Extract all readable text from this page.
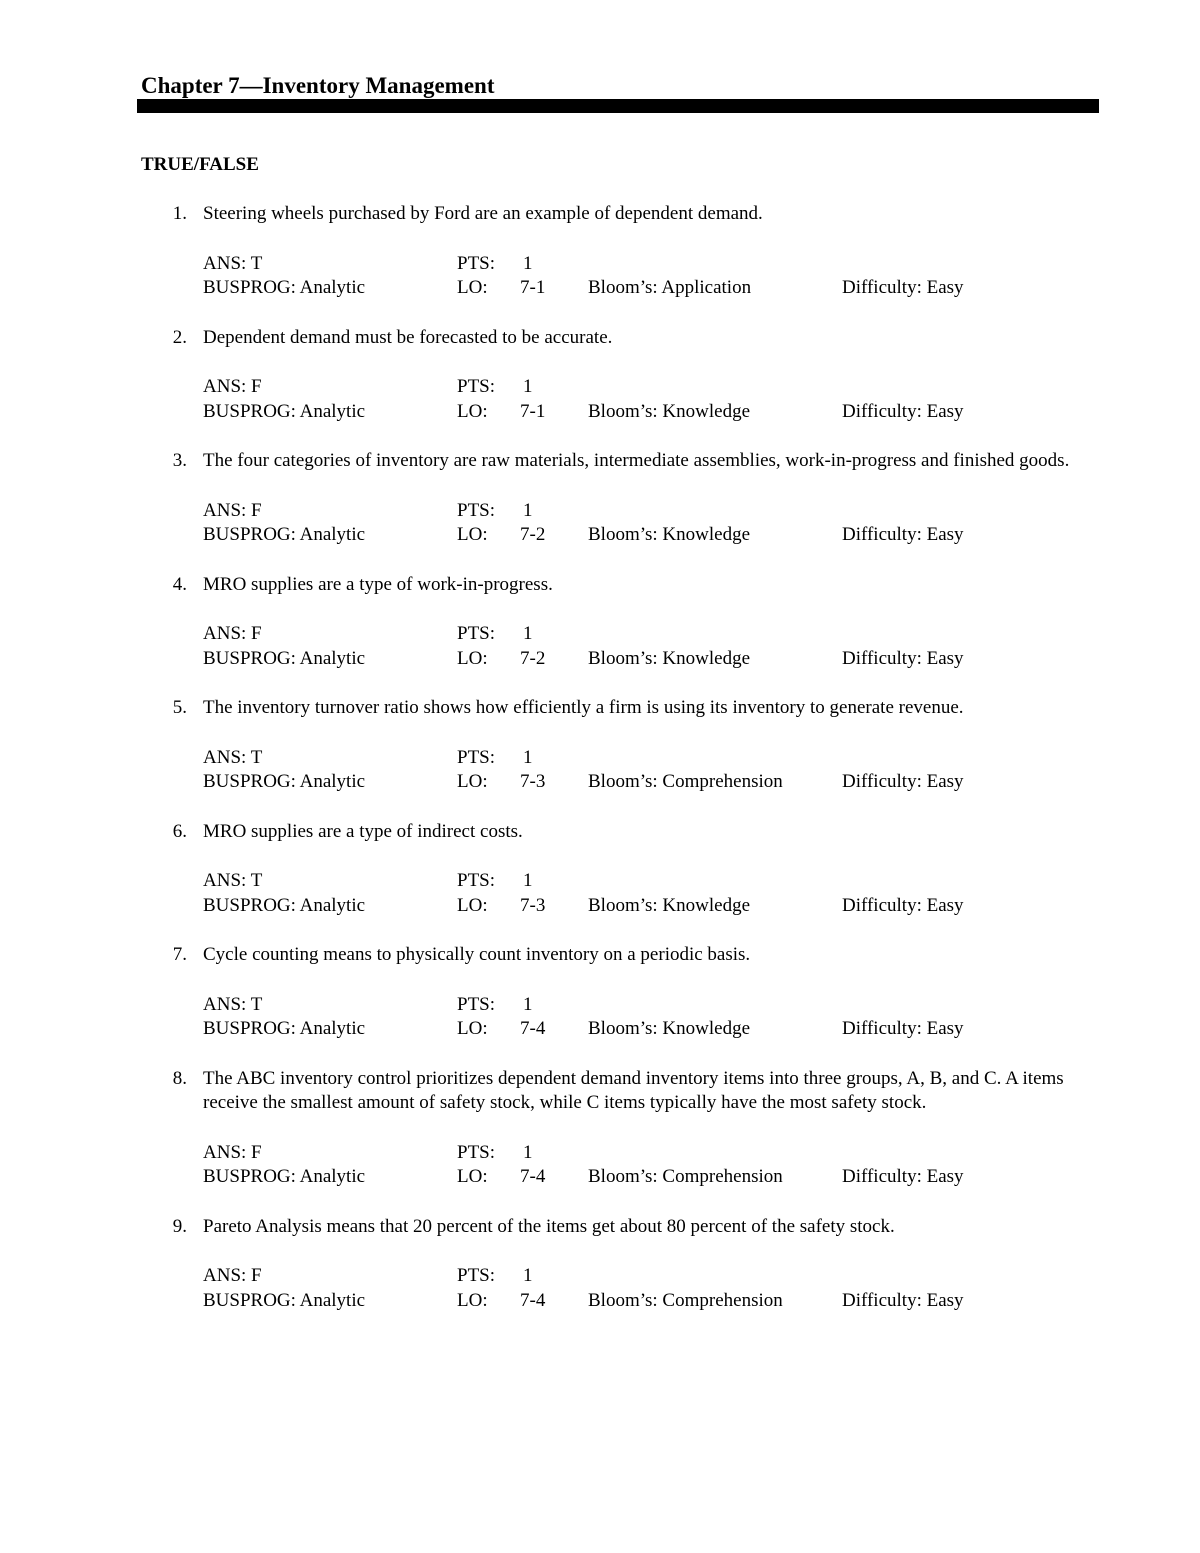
Chapter 7—Inventory Management
TRUE/FALSE
1. Steering wheels purchased by Ford are an example of dependent demand.
ANS: T	PTS: 1
BUSPROG: Analytic	LO: 7-1 Bloom’s: Application	Difficulty: Easy
2. Dependent demand must be forecasted to be accurate.
ANS: F	PTS: 1
BUSPROG: Analytic	LO: 7-1 Bloom’s: Knowledge	Difficulty: Easy
3. The four categories of inventory are raw materials, intermediate assemblies, work-in-progress and finished goods.
ANS: F	PTS: 1
BUSPROG: Analytic	LO: 7-2 Bloom’s: Knowledge	Difficulty: Easy
4. MRO supplies are a type of work-in-progress.
ANS: F	PTS: 1
BUSPROG: Analytic	LO: 7-2 Bloom’s: Knowledge	Difficulty: Easy
5. The inventory turnover ratio shows how efficiently a firm is using its inventory to generate revenue.
ANS: T	PTS: 1
BUSPROG: Analytic	LO: 7-3 Bloom’s: Comprehension	Difficulty: Easy
6. MRO supplies are a type of indirect costs.
ANS: T	PTS: 1
BUSPROG: Analytic	LO: 7-3 Bloom’s: Knowledge	Difficulty: Easy
7. Cycle counting means to physically count inventory on a periodic basis.
ANS: T	PTS: 1
BUSPROG: Analytic	LO: 7-4 Bloom’s: Knowledge	Difficulty: Easy
8. The ABC inventory control prioritizes dependent demand inventory items into three groups, A, B, and C. A items receive the smallest amount of safety stock, while C items typically have the most safety stock.
ANS: F	PTS: 1
BUSPROG: Analytic	LO: 7-4 Bloom’s: Comprehension	Difficulty: Easy
9. Pareto Analysis means that 20 percent of the items get about 80 percent of the safety stock.
ANS: F	PTS: 1
BUSPROG: Analytic	LO: 7-4 Bloom’s: Comprehension	Difficulty: Easy
